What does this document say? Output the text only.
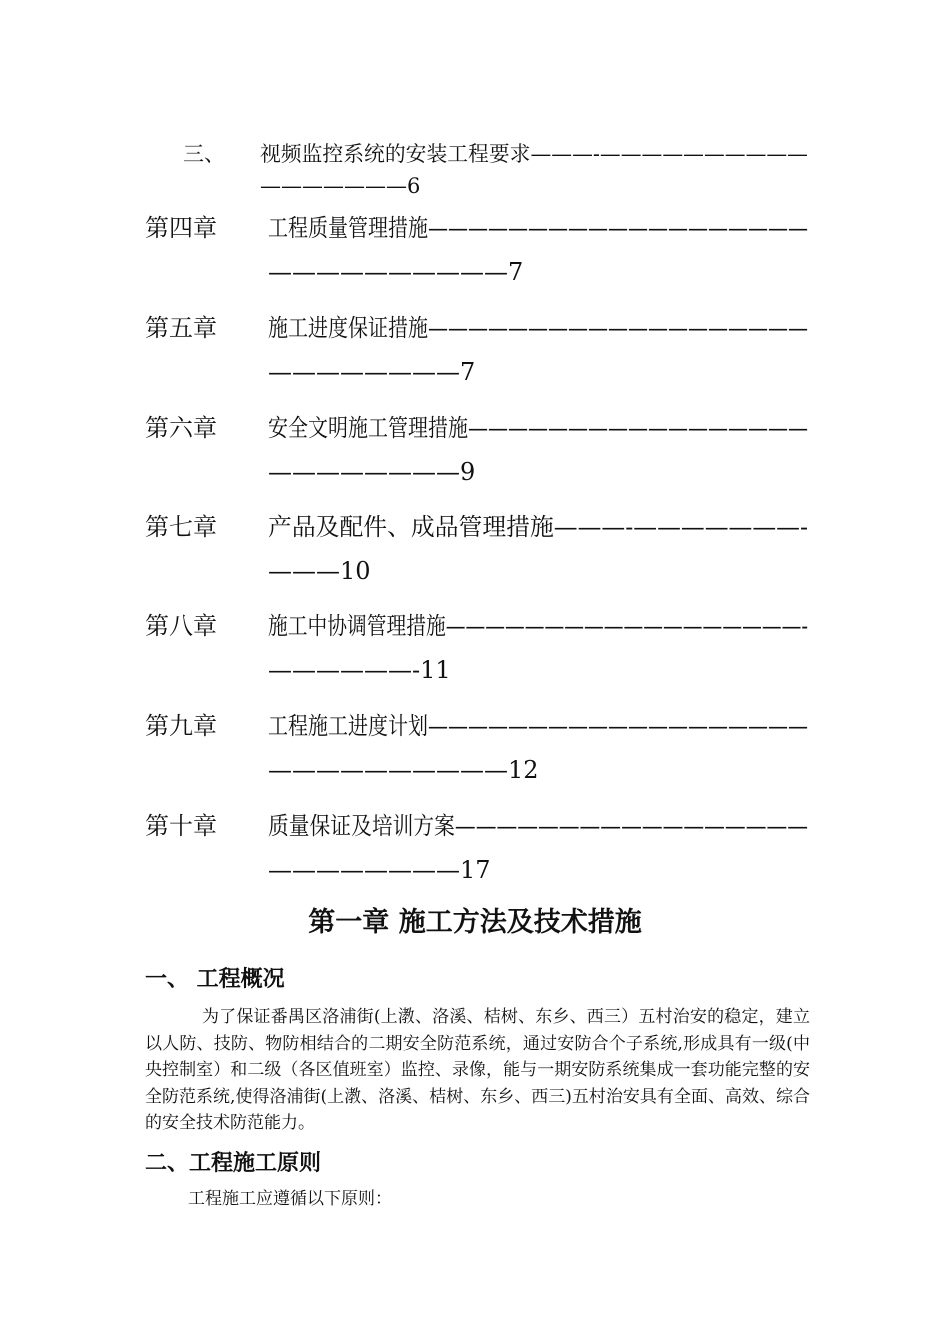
三、 视频监控系统的安装工程要求———-——————————
———————6
第四章 工程质量管理措施———————————————————
——————————7
第五章 施工进度保证措施———————————————————
————————7
第六章 安全文明施工管理措施—————————————————
————————9
第七章 产品及配件、成品管理措施———-———————-
———10
第八章 施工中协调管理措施——————————————————-
——————-11
第九章 工程施工进度计划———————————————————
——————————12
第十章 质量保证及培训方案—————————————————
————————17
第一章 施工方法及技术措施
一、 工程概况
为了保证番禺区洛浦街(上漖、洛溪、桔树、东乡、西三）五村治安的稳定，建立以人防、技防、物防相结合的二期安全防范系统，通过安防合个子系统,形成具有一级(中央控制室）和二级（各区值班室）监控、录像，能与一期安防系统集成一套功能完整的安全防范系统,使得洛浦街(上漖、洛溪、桔树、东乡、西三)五村治安具有全面、高效、综合的安全技术防范能力。
二、工程施工原则
工程施工应遵循以下原则：
